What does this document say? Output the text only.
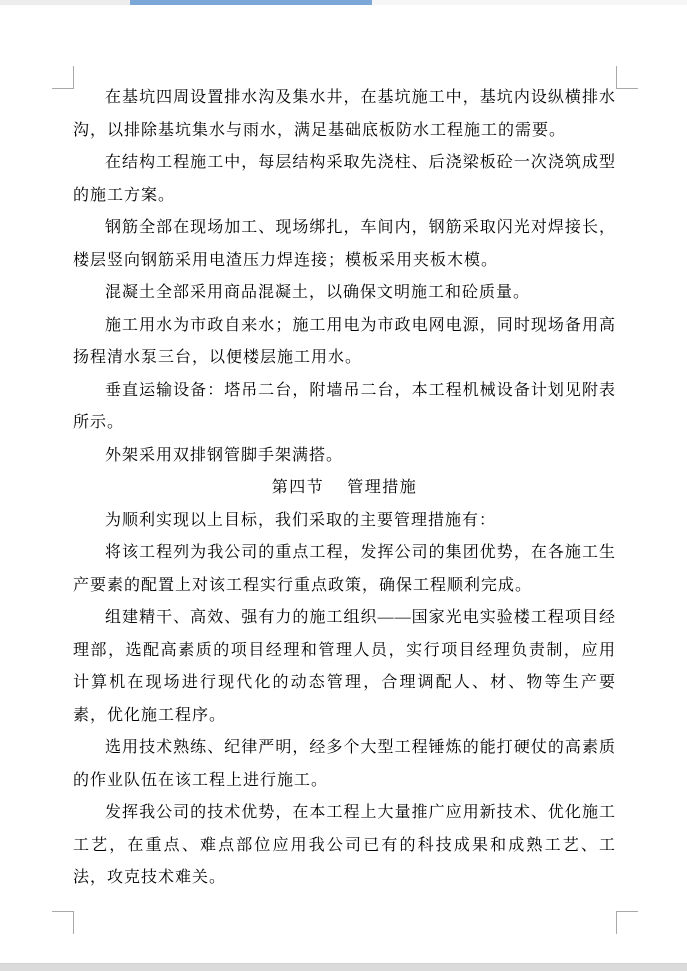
在基坑四周设置排水沟及集水井，在基坑施工中，基坑内设纵横排水沟，以排除基坑集水与雨水，满足基础底板防水工程施工的需要。

在结构工程施工中，每层结构采取先浇柱、后浇梁板砼一次浇筑成型的施工方案。

钢筋全部在现场加工、现场绑扎，车间内，钢筋采取闪光对焊接长，楼层竖向钢筋采用电渣压力焊连接；模板采用夹板木模。

混凝土全部采用商品混凝土，以确保文明施工和砼质量。

施工用水为市政自来水；施工用电为市政电网电源，同时现场备用高扬程清水泵三台，以便楼层施工用水。

垂直运输设备：塔吊二台，附墙吊二台，本工程机械设备计划见附表所示。

外架采用双排钢管脚手架满搭。

第四节　 管理措施

为顺利实现以上目标，我们采取的主要管理措施有：

将该工程列为我公司的重点工程，发挥公司的集团优势，在各施工生产要素的配置上对该工程实行重点政策，确保工程顺利完成。

组建精干、高效、强有力的施工组织——国家光电实验楼工程项目经理部，选配高素质的项目经理和管理人员，实行项目经理负责制，应用计算机在现场进行现代化的动态管理，合理调配人、材、物等生产要素，优化施工程序。

选用技术熟练、纪律严明，经多个大型工程锤炼的能打硬仗的高素质的作业队伍在该工程上进行施工。

发挥我公司的技术优势，在本工程上大量推广应用新技术、优化施工工艺，在重点、难点部位应用我公司已有的科技成果和成熟工艺、工法，攻克技术难关。
